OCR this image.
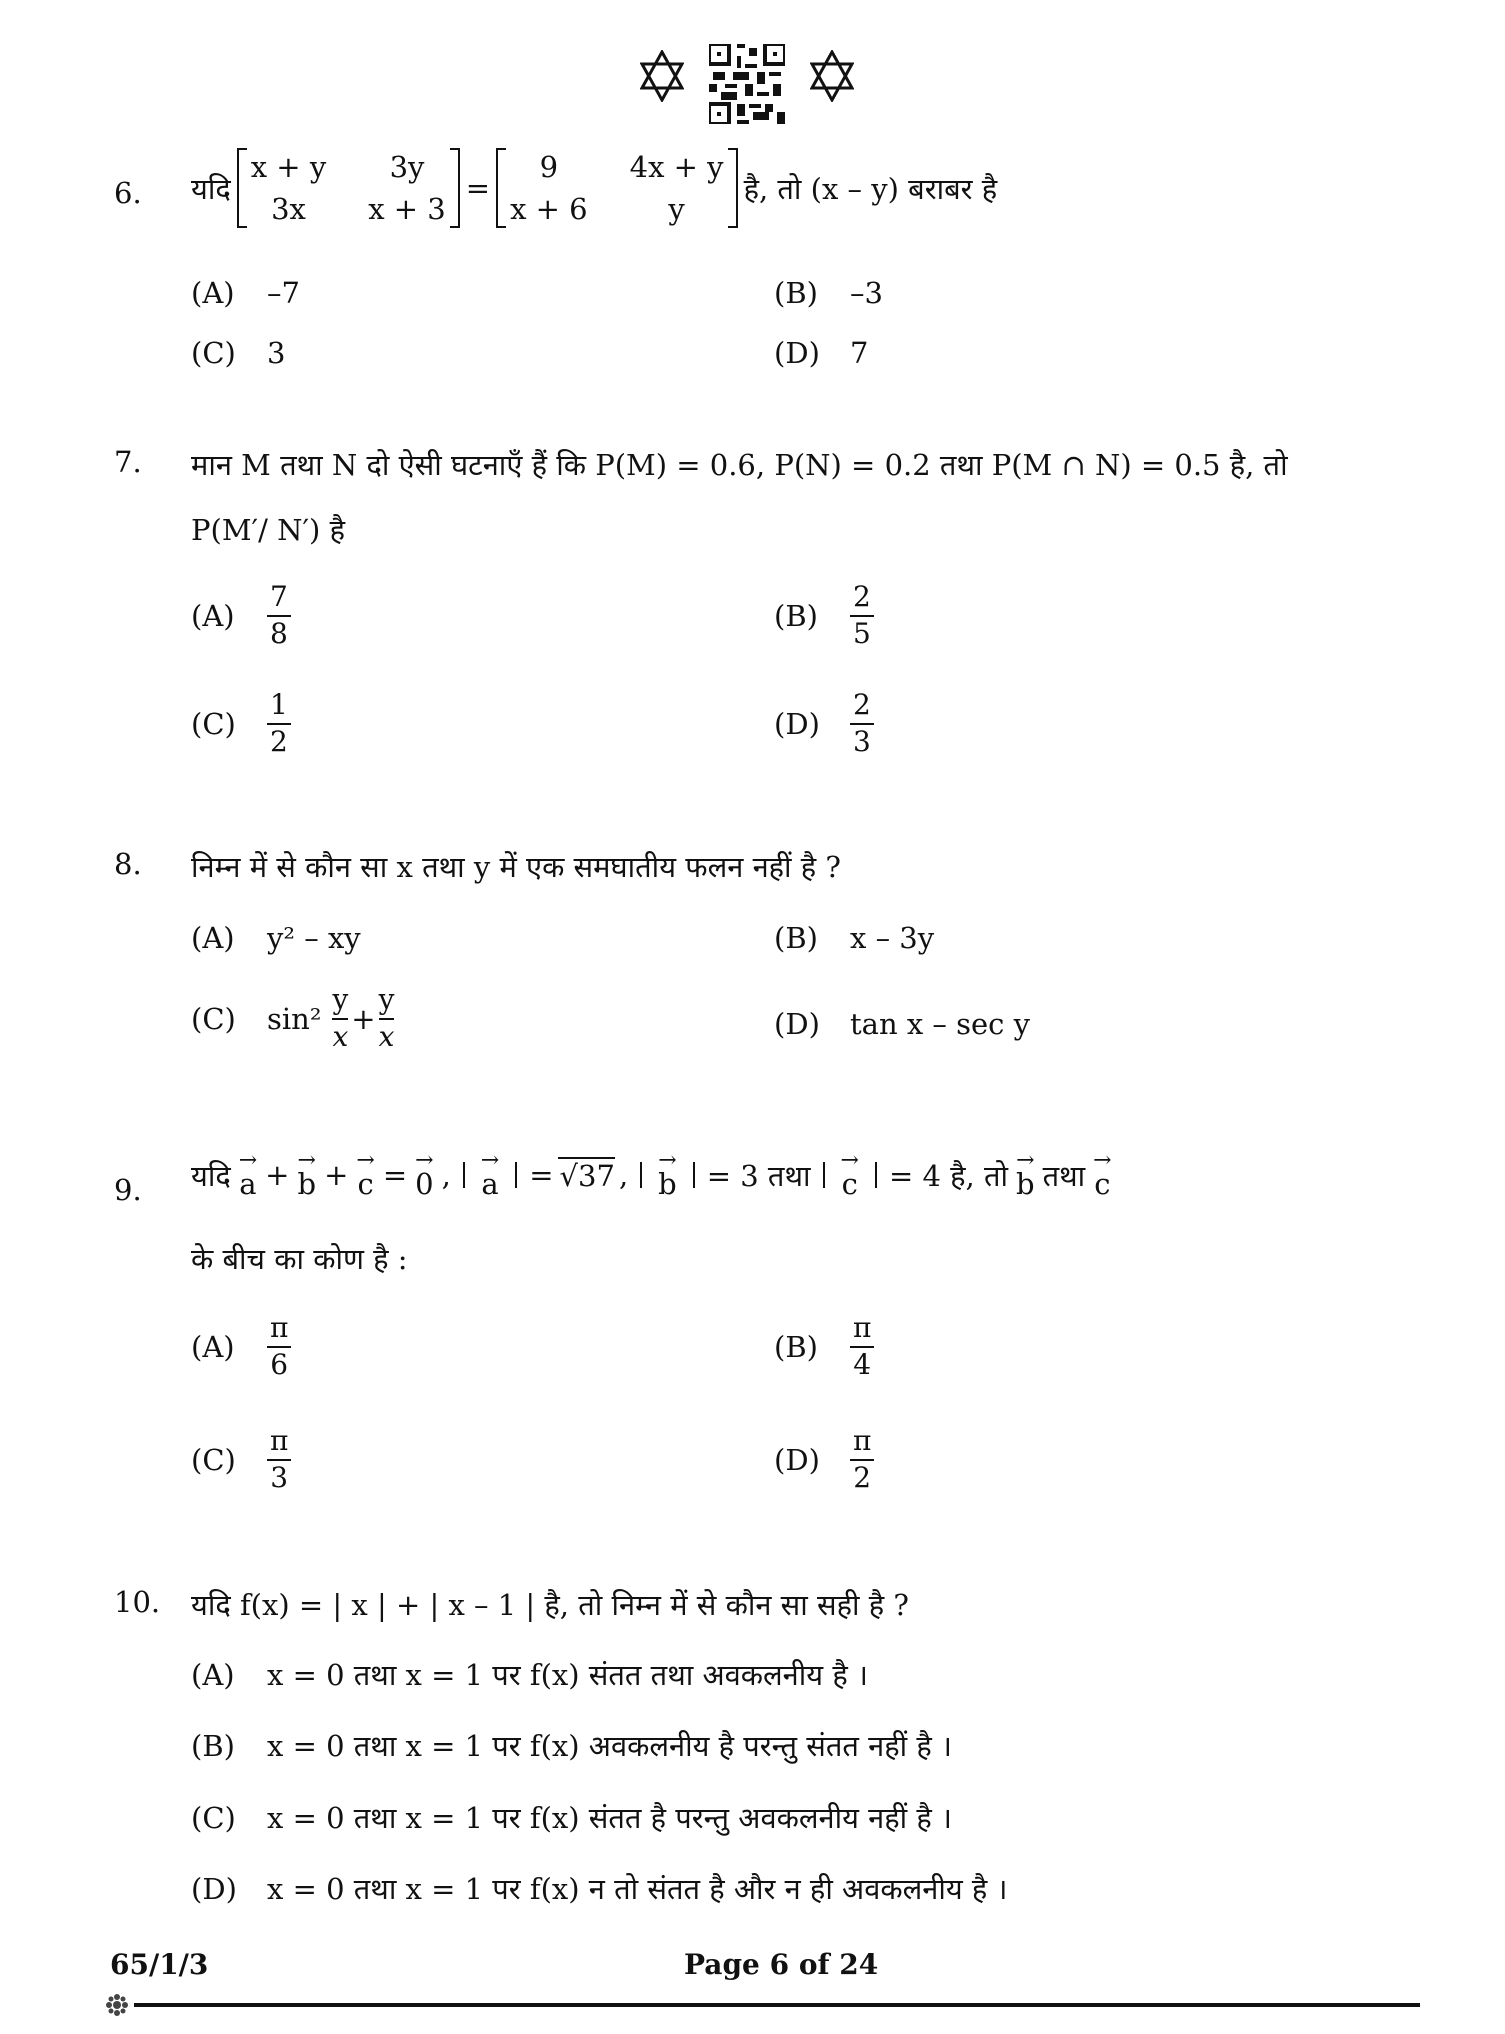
6. यदि
x + y	3y
3x	x + 3
=
9	4x + y
x + 6	y
है, तो (x – y) बराबर है
(A)	–7	(B)	–3
(C)	3	(D)	7
7. मान M तथा N दो ऐसी घटनाएँ हैं कि P(M) = 0.6, P(N) = 0.2 तथा P(M ∩ N) = 0.5 है, तो
P(M′/ N′) है
(A)	$\frac{7}{8}$	(B)	$\frac{2}{5}$
(C)	$\frac{1}{2}$	(D)	$\frac{2}{3}$
8. निम्न में से कौन सा x तथा y में एक समघातीय फलन नहीं है ?
(A)	y² – xy	(B)	x – 3y
(C)	$\sin^2 \frac{y}{x} + \frac{y}{x}$	(D)	tan x – sec y
9. यदि →
a + →
b + →
c = →
0 , →
a = √37 , →
b = 3 तथा →
c = 4 है, तो →
b तथा →
c
के बीच का कोण है :
(A)	$\frac{\pi}{6}$	(B)	$\frac{\pi}{4}$
(C)	$\frac{\pi}{3}$	(D)	$\frac{\pi}{2}$
10. यदि f(x) = | x | + | x – 1 | है, तो निम्न में से कौन सा सही है ?
(A)	x = 0 तथा x = 1 पर f(x) संतत तथा अवकलनीय है ।
(B)	x = 0 तथा x = 1 पर f(x) अवकलनीय है परन्तु संतत नहीं है ।
(C)	x = 0 तथा x = 1 पर f(x) संतत है परन्तु अवकलनीय नहीं है ।
(D)	x = 0 तथा x = 1 पर f(x) न तो संतत है और न ही अवकलनीय है ।
65/1/3	Page 6 of 24
